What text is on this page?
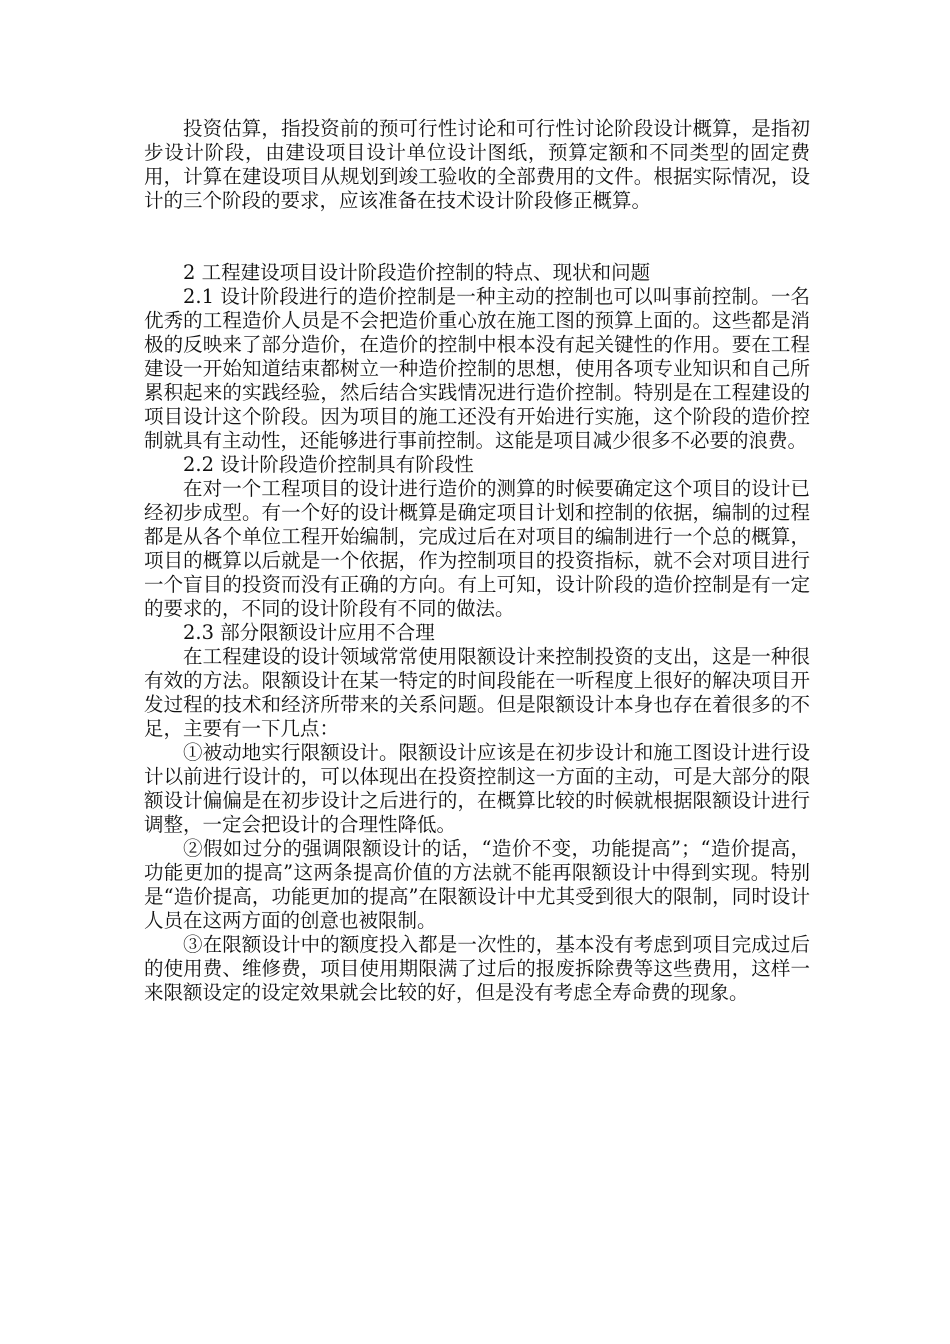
投资估算，指投资前的预可行性讨论和可行性讨论阶段设计概算，是指初步设计阶段，由建设项目设计单位设计图纸，预算定额和不同类型的固定费用，计算在建设项目从规划到竣工验收的全部费用的文件。根据实际情况，设计的三个阶段的要求，应该准备在技术设计阶段修正概算。

2 工程建设项目设计阶段造价控制的特点、现状和问题

2.1 设计阶段进行的造价控制是一种主动的控制也可以叫事前控制。一名优秀的工程造价人员是不会把造价重心放在施工图的预算上面的。这些都是消极的反映来了部分造价，在造价的控制中根本没有起关键性的作用。要在工程建设一开始知道结束都树立一种造价控制的思想，使用各项专业知识和自己所累积起来的实践经验，然后结合实践情况进行造价控制。特别是在工程建设的项目设计这个阶段。因为项目的施工还没有开始进行实施，这个阶段的造价控制就具有主动性，还能够进行事前控制。这能是项目减少很多不必要的浪费。

2.2 设计阶段造价控制具有阶段性

在对一个工程项目的设计进行造价的测算的时候要确定这个项目的设计已经初步成型。有一个好的设计概算是确定项目计划和控制的依据，编制的过程都是从各个单位工程开始编制，完成过后在对项目的编制进行一个总的概算，项目的概算以后就是一个依据，作为控制项目的投资指标，就不会对项目进行一个盲目的投资而没有正确的方向。有上可知，设计阶段的造价控制是有一定的要求的，不同的设计阶段有不同的做法。

2.3 部分限额设计应用不合理

在工程建设的设计领域常常使用限额设计来控制投资的支出，这是一种很有效的方法。限额设计在某一特定的时间段能在一听程度上很好的解决项目开发过程的技术和经济所带来的关系问题。但是限额设计本身也存在着很多的不足，主要有一下几点：

①被动地实行限额设计。限额设计应该是在初步设计和施工图设计进行设计以前进行设计的，可以体现出在投资控制这一方面的主动，可是大部分的限额设计偏偏是在初步设计之后进行的，在概算比较的时候就根据限额设计进行调整，一定会把设计的合理性降低。

②假如过分的强调限额设计的话，“造价不变，功能提高”；“造价提高，功能更加的提高”这两条提高价值的方法就不能再限额设计中得到实现。特别是“造价提高，功能更加的提高”在限额设计中尤其受到很大的限制，同时设计人员在这两方面的创意也被限制。

③在限额设计中的额度投入都是一次性的，基本没有考虑到项目完成过后的使用费、维修费，项目使用期限满了过后的报废拆除费等这些费用，这样一来限额设定的设定效果就会比较的好，但是没有考虑全寿命费的现象。
